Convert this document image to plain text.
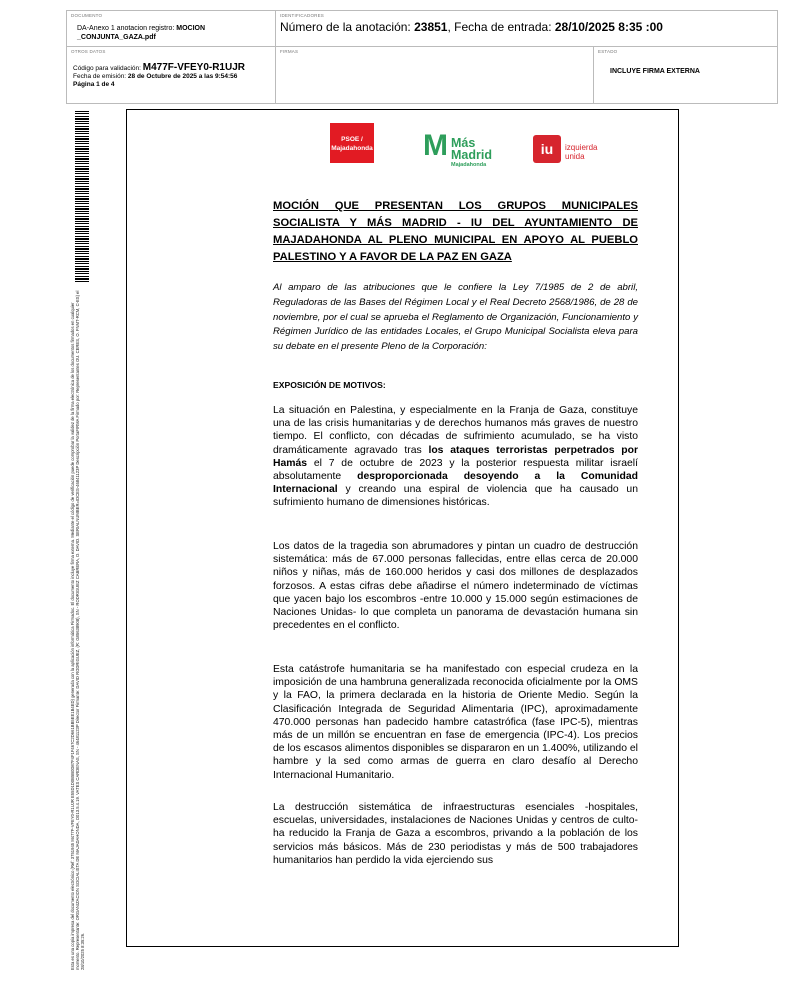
DOCUMENTO
DA-Anexo 1 anotacion registro: MOCION _CONJUNTA_GAZA.pdf
IDENTIFICADORES
Número de la anotación: 23851, Fecha de entrada: 28/10/2025 8:35 :00
OTROS DATOS
Código para validación: M477F-VFEY0-R1UJR
Fecha de emisión: 28 de Octubre de 2025 a las 9:54:56
Página 1 de 4
FIRMAS	ESTADO
INCLUYE FIRMA EXTERNA
Esta es una copia impresa del documento electrónico (Ref: 3751945 M477F-VFEY0-R1UJR E55D1D0B5B0D87F4F1F467C2D661BB5EE1B4ED) generada con la aplicación informática Firmadoc. El documento incluye firma externa. Mediante el código de verificación puede comprobar la validez de la firma electrónica de los documentos firmados en cualquier momento. Representante: ORGANIZACION SOCIALISTA DE MAJADAHONDA, O013.5.4.19. VATES CARDENAS, SN - 46481123P Director Firmante: DAVID RODRIGUEZ, (R: G85638908), SN - RODRIGUEZ CABRERA, D. DAVID. SERIALNUMBER=IDCES-46841123P Descripción PortaFIRMA Firmado por: Representantes OU. CERES, O. FNMT-RCM, C-ES) el 28/10/2025 8:35:26.
PSOE / Majadahonda M Más Madrid
Majadahonda
iu	izquierda unida
MOCIÓN QUE PRESENTAN LOS GRUPOS MUNICIPALES SOCIALISTA Y MÁS MADRID - IU DEL AYUNTAMIENTO DE MAJADAHONDA AL PLENO MUNICIPAL EN APOYO AL PUEBLO PALESTINO Y A FAVOR DE LA PAZ EN GAZA
Al amparo de las atribuciones que le confiere la Ley 7/1985 de 2 de abril, Reguladoras de las Bases del Régimen Local y el Real Decreto 2568/1986, de 28 de noviembre, por el cual se aprueba el Reglamento de Organización, Funcionamiento y Régimen Jurídico de las entidades Locales, el Grupo Municipal Socialista eleva para su debate en el presente Pleno de la Corporación:
EXPOSICIÓN DE MOTIVOS:
La situación en Palestina, y especialmente en la Franja de Gaza, constituye una de las crisis humanitarias y de derechos humanos más graves de nuestro tiempo. El conflicto, con décadas de sufrimiento acumulado, se ha visto dramáticamente agravado tras los ataques terroristas perpetrados por Hamás el 7 de octubre de 2023 y la posterior respuesta militar israelí absolutamente desproporcionada desoyendo a la Comunidad Internacional y creando una espiral de violencia que ha causado un sufrimiento humano de dimensiones históricas.
Los datos de la tragedia son abrumadores y pintan un cuadro de destrucción sistemática: más de 67.000 personas fallecidas, entre ellas cerca de 20.000 niños y niñas, más de 160.000 heridos y casi dos millones de desplazados forzosos. A estas cifras debe añadirse el número indeterminado de víctimas que yacen bajo los escombros -entre 10.000 y 15.000 según estimaciones de Naciones Unidas- lo que completa un panorama de devastación humana sin precedentes en el conflicto.
Esta catástrofe humanitaria se ha manifestado con especial crudeza en la imposición de una hambruna generalizada reconocida oficialmente por la OMS y la FAO, la primera declarada en la historia de Oriente Medio. Según la Clasificación Integrada de Seguridad Alimentaria (IPC), aproximadamente 470.000 personas han padecido hambre catastrófica (fase IPC-5), mientras más de un millón se encuentran en fase de emergencia (IPC-4). Los precios de los escasos alimentos disponibles se dispararon en un 1.400%, utilizando el hambre y la sed como armas de guerra en claro desafío al Derecho Internacional Humanitario.
La destrucción sistemática de infraestructuras esenciales -hospitales, escuelas, universidades, instalaciones de Naciones Unidas y centros de culto- ha reducido la Franja de Gaza a escombros, privando a la población de los servicios más básicos. Más de 230 periodistas y más de 500 trabajadores humanitarios han perdido la vida ejerciendo sus
